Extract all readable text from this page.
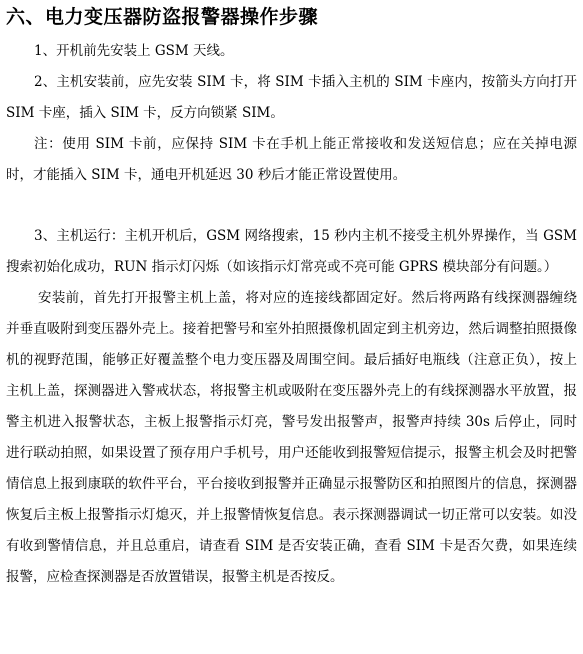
六、电力变压器防盗报警器操作步骤

1、开机前先安装上 GSM 天线。

2、主机安装前，应先安装 SIM 卡，将 SIM 卡插入主机的 SIM 卡座内，按箭头方向打开 SIM 卡座，插入 SIM 卡，反方向锁紧 SIM。

注：使用 SIM 卡前，应保持 SIM 卡在手机上能正常接收和发送短信息；应在关掉电源时，才能插入 SIM 卡，通电开机延迟 30 秒后才能正常设置使用。

3、主机运行：主机开机后，GSM 网络搜索，15 秒内主机不接受主机外界操作，当 GSM 搜索初始化成功，RUN 指示灯闪烁（如该指示灯常亮或不亮可能 GPRS 模块部分有问题。）

安装前，首先打开报警主机上盖，将对应的连接线都固定好。然后将两路有线探测器缠绕并垂直吸附到变压器外壳上。接着把警号和室外拍照摄像机固定到主机旁边，然后调整拍照摄像机的视野范围，能够正好覆盖整个电力变压器及周围空间。最后插好电瓶线（注意正负），按上主机上盖，探测器进入警戒状态，将报警主机或吸附在变压器外壳上的有线探测器水平放置，报警主机进入报警状态，主板上报警指示灯亮，警号发出报警声，报警声持续 30s 后停止，同时进行联动拍照，如果设置了预存用户手机号，用户还能收到报警短信提示，报警主机会及时把警情信息上报到康联的软件平台，平台接收到报警并正确显示报警防区和拍照图片的信息，探测器恢复后主板上报警指示灯熄灭，并上报警情恢复信息。表示探测器调试一切正常可以安装。如没有收到警情信息，并且总重启，请查看 SIM 是否安装正确，查看 SIM 卡是否欠费，如果连续报警，应检查探测器是否放置错误，报警主机是否按反。
